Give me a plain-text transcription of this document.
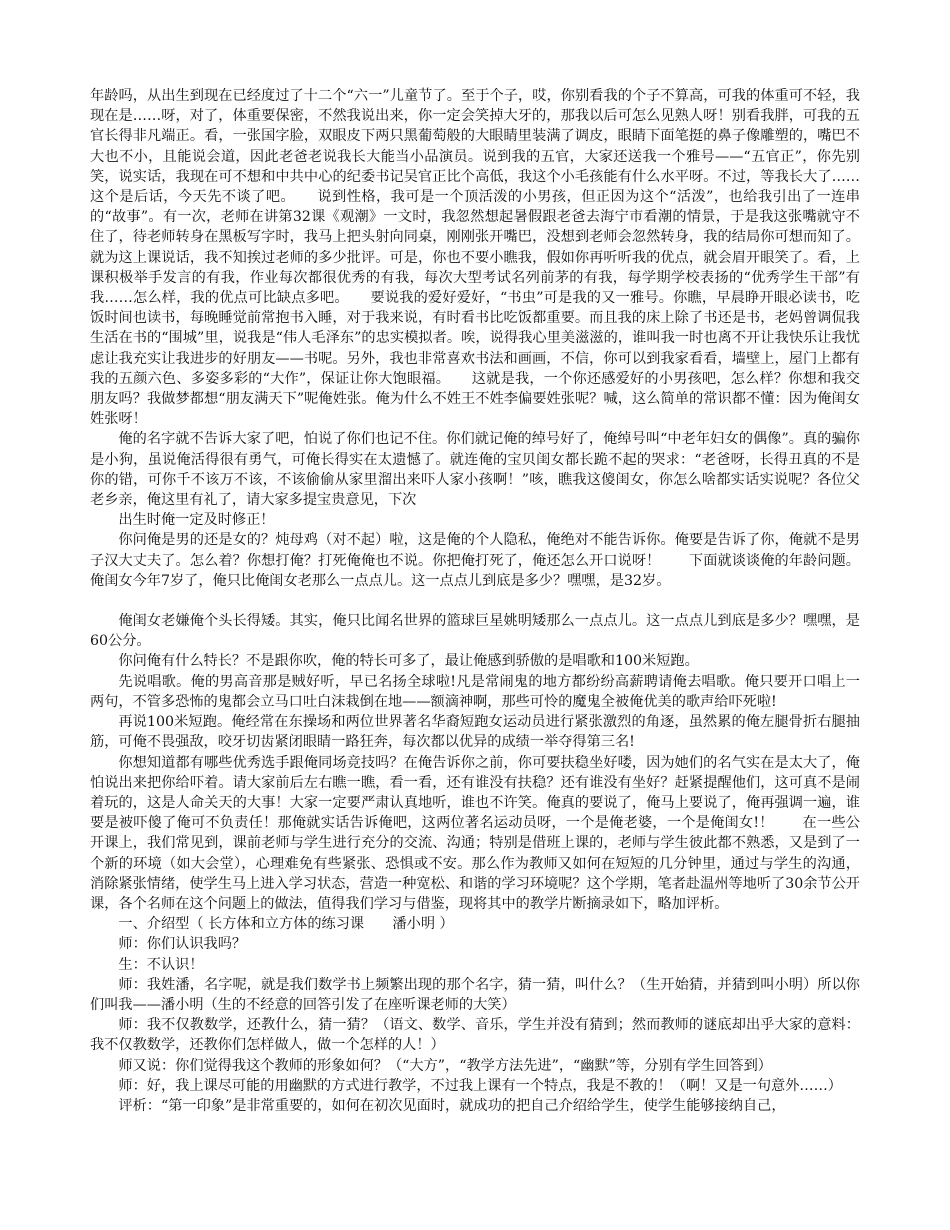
年龄吗，从出生到现在已经度过了十二个“六一”儿童节了。至于个子，哎，你别看我的个子不算高，可我的体重可不轻，我现在是……呀，对了，体重要保密，不然我说出来，你一定会笑掉大牙的，那我以后可怎么见熟人呀！别看我胖，可我的五官长得非凡端正。看，一张国字脸，双眼皮下两只黑葡萄般的大眼睛里装满了调皮，眼睛下面笔挺的鼻子像雕塑的，嘴巴不大也不小，且能说会道，因此老爸老说我长大能当小品演员。说到我的五官，大家还送我一个雅号——“五官正”，你先别笑，说实话，我现在可不想和中共中心的纪委书记吴官正比个高低，我这个小毛孩能有什么水平呀。不过，等我长大了……这个是后话，今天先不谈了吧。　　说到性格，我可是一个顶活泼的小男孩，但正因为这个“活泼”，也给我引出了一连串的“故事”。有一次，老师在讲第32课《观潮》一文时，我忽然想起暑假跟老爸去海宁市看潮的情景，于是我这张嘴就守不住了，待老师转身在黑板写字时，我马上把头射向同桌，刚刚张开嘴巴，没想到老师会忽然转身，我的结局你可想而知了。就为这上课说话，我不知挨过老师的多少批评。可是，你也不要小瞧我，假如你再听听我的优点，就会眉开眼笑了。看，上课积极举手发言的有我，作业每次都很优秀的有我，每次大型考试名列前茅的有我，每学期学校表扬的“优秀学生干部”有我……怎么样，我的优点可比缺点多吧。　　要说我的爱好爱好，“书虫”可是我的又一雅号。你瞧，早晨睁开眼必读书，吃饭时间也读书，每晚睡觉前常抱书入睡，对于我来说，有时看书比吃饭都重要。而且我的床上除了书还是书，老妈曾调侃我生活在书的“围城”里，说我是“伟人毛泽东”的忠实模拟者。唉，说得我心里美滋滋的，谁叫我一时也离不开让我快乐让我忧虑让我充实让我进步的好朋友——书呢。另外，我也非常喜欢书法和画画，不信，你可以到我家看看，墙壁上，屋门上都有我的五颜六色、多姿多彩的“大作”，保证让你大饱眼福。　　这就是我，一个你还感爱好的小男孩吧，怎么样？你想和我交朋友吗？我做梦都想“朋友满天下”呢俺姓张。俺为什么不姓王不姓李偏要姓张呢？喊，这么简单的常识都不懂：因为俺闺女姓张呀！

俺的名字就不告诉大家了吧，怕说了你们也记不住。你们就记俺的绰号好了，俺绰号叫“中老年妇女的偶像”。真的骗你是小狗，虽说俺活得很有勇气，可俺长得实在太遗憾了。就连俺的宝贝闺女都长跪不起的哭求：“老爸呀，长得丑真的不是你的错，可你千不该万不该，不该偷偷从家里溜出来吓人家小孩啊！”咳，瞧我这傻闺女，你怎么啥都实话实说呢？各位父老乡亲，俺这里有礼了，请大家多提宝贵意见，下次

出生时俺一定及时修正！

你问俺是男的还是女的？炖母鸡（对不起）啦，这是俺的个人隐私，俺绝对不能告诉你。俺要是告诉了你，俺就不是男子汉大丈夫了。怎么着？你想打俺？打死俺俺也不说。你把俺打死了，俺还怎么开口说呀！　　下面就谈谈俺的年龄问题。俺闺女今年7岁了，俺只比俺闺女老那么一点点儿。这一点点儿到底是多少？嘿嘿，是32岁。

俺闺女老嫌俺个头长得矮。其实，俺只比闻名世界的篮球巨星姚明矮那么一点点儿。这一点点儿到底是多少？嘿嘿，是60公分。

你问俺有什么特长？不是跟你吹，俺的特长可多了，最让俺感到骄傲的是唱歌和100米短跑。

先说唱歌。俺的男高音那是贼好听，早已名扬全球啦!凡是常闹鬼的地方都纷纷高薪聘请俺去唱歌。俺只要开口唱上一两句，不管多恐怖的鬼都会立马口吐白沫栽倒在地——额滴神啊，那些可怜的魔鬼全被俺优美的歌声给吓死啦!

再说100米短跑。俺经常在东操场和两位世界著名华裔短跑女运动员进行紧张激烈的角逐，虽然累的俺左腿骨折右腿抽筋，可俺不畏强敌，咬牙切齿紧闭眼睛一路狂奔，每次都以优异的成绩一举夺得第三名!

你想知道都有哪些优秀选手跟俺同场竞技吗？在俺告诉你之前，你可要扶稳坐好喽，因为她们的名气实在是太大了，俺怕说出来把你给吓着。请大家前后左右瞧一瞧，看一看，还有谁没有扶稳？还有谁没有坐好？赶紧提醒他们，这可真不是闹着玩的，这是人命关天的大事！大家一定要严肃认真地听，谁也不许笑。俺真的要说了，俺马上要说了，俺再强调一遍，谁要是被吓傻了俺可不负责任！那俺就实话告诉俺吧，这两位著名运动员呀，一个是俺老婆，一个是俺闺女!！　　在一些公开课上，我们常见到，课前老师与学生进行充分的交流、沟通；特别是借班上课的，老师与学生彼此都不熟悉，又是到了一个新的环境（如大会堂），心理难免有些紧张、恐惧或不安。那么作为教师又如何在短短的几分钟里，通过与学生的沟通，消除紧张情绪，使学生马上进入学习状态，营造一种宽松、和谐的学习环境呢？这个学期，笔者赴温州等地听了30余节公开课，各个名师在这个问题上的做法，值得我们学习与借鉴，现将其中的教学片断摘录如下，略加评析。

一、介绍型（ 长方体和立方体的练习课　　潘小明 ）

师：你们认识我吗？

生：不认识！

师：我姓潘，名字呢，就是我们数学书上频繁出现的那个名字，猜一猜，叫什么？（生开始猜，并猜到叫小明）所以你们叫我——潘小明（生的不经意的回答引发了在座听课老师的大笑）

师：我不仅教数学，还教什么，猜一猜？（语文、数学、音乐，学生并没有猜到；然而教师的谜底却出乎大家的意料：我不仅教数学，还教你们怎样做人，做一个怎样的人！）

师又说：你们觉得我这个教师的形象如何？（“大方”，“教学方法先进”，“幽默”等，分别有学生回答到）

师：好，我上课尽可能的用幽默的方式进行教学，不过我上课有一个特点，我是不教的！（啊！又是一句意外……）

评析：“第一印象”是非常重要的，如何在初次见面时，就成功的把自己介绍给学生，使学生能够接纳自己，
